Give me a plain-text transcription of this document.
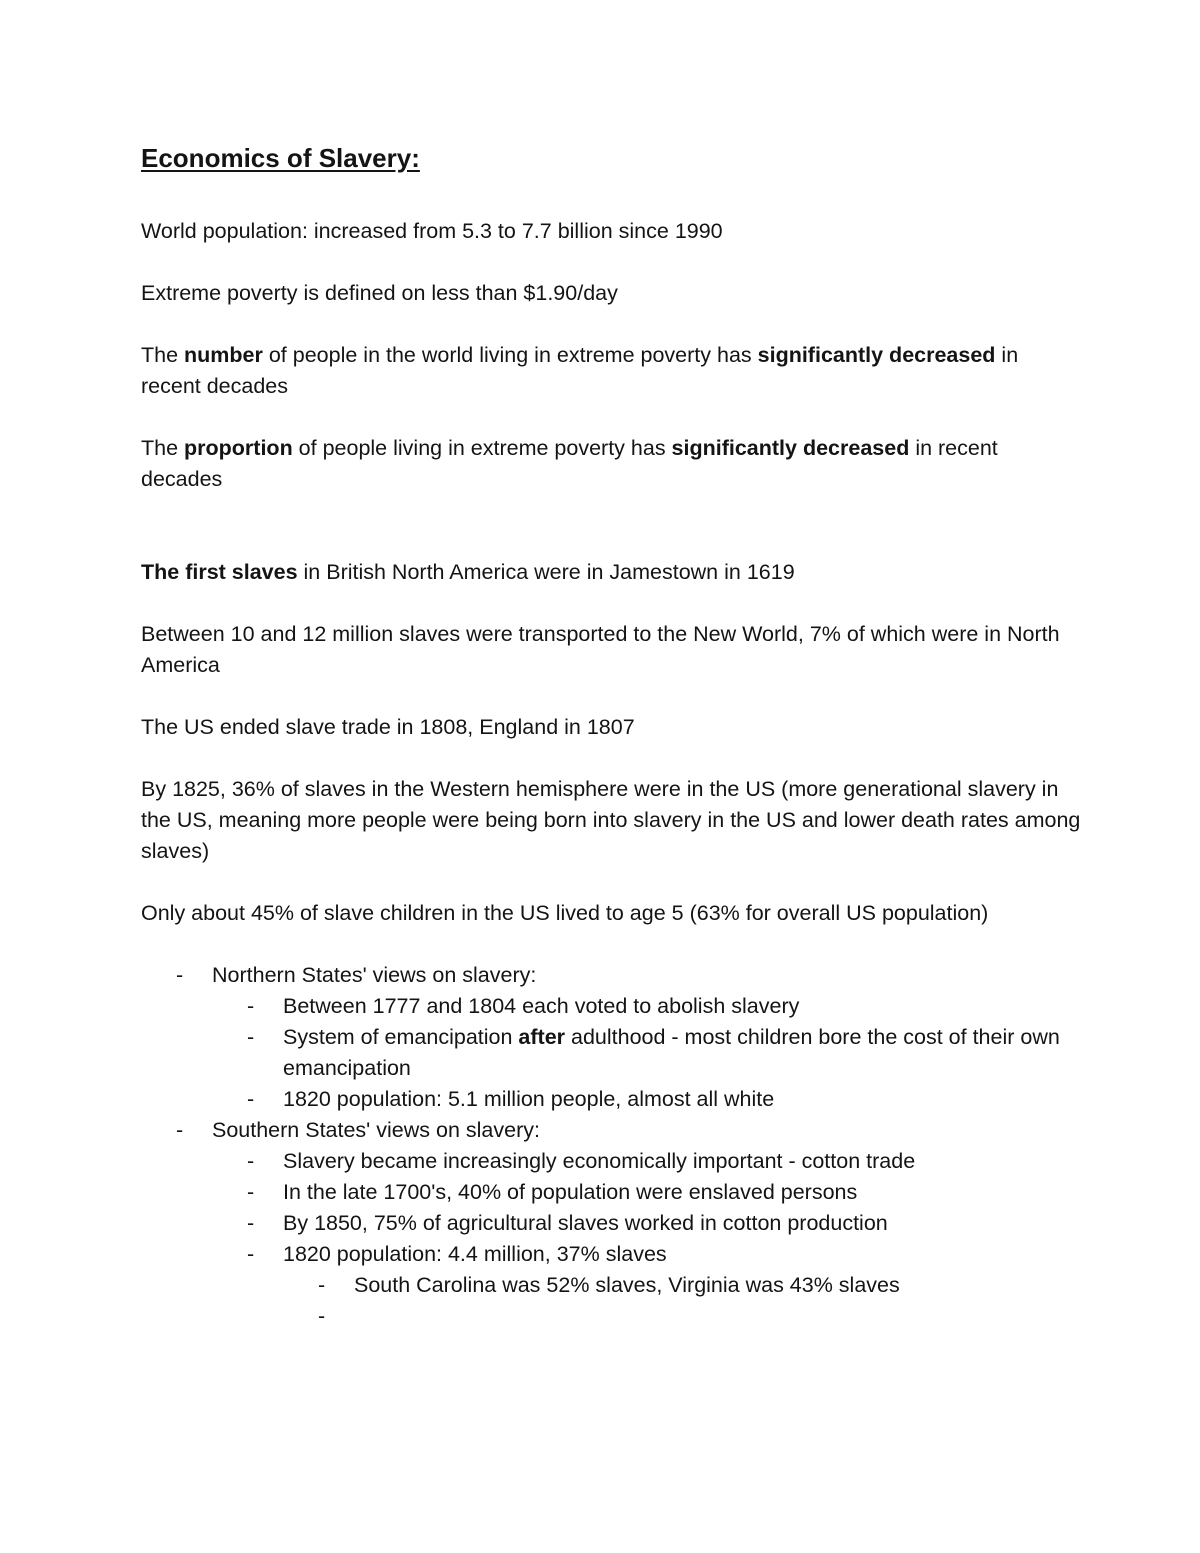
Economics of Slavery:

World population: increased from 5.3 to 7.7 billion since 1990

Extreme poverty is defined on less than $1.90/day

The number of people in the world living in extreme poverty has significantly decreased in recent decades

The proportion of people living in extreme poverty has significantly decreased in recent decades

The first slaves in British North America were in Jamestown in 1619

Between 10 and 12 million slaves were transported to the New World, 7% of which were in North America

The US ended slave trade in 1808, England in 1807

By 1825, 36% of slaves in the Western hemisphere were in the US (more generational slavery in the US, meaning more people were being born into slavery in the US and lower death rates among slaves)

Only about 45% of slave children in the US lived to age 5 (63% for overall US population)

- Northern States' views on slavery:
- Between 1777 and 1804 each voted to abolish slavery
- System of emancipation after adulthood - most children bore the cost of their own emancipation
- 1820 population: 5.1 million people, almost all white
- Southern States' views on slavery:
- Slavery became increasingly economically important - cotton trade
- In the late 1700's, 40% of population were enslaved persons
- By 1850, 75% of agricultural slaves worked in cotton production
- 1820 population: 4.4 million, 37% slaves
- South Carolina was 52% slaves, Virginia was 43% slaves
-
